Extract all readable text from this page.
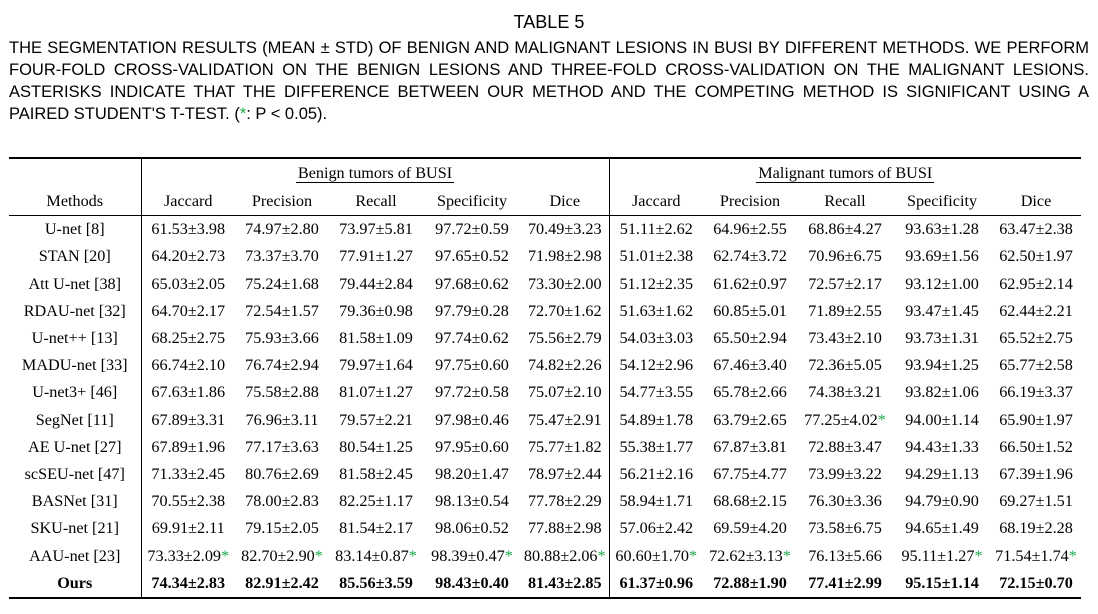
TABLE 5
THE SEGMENTATION RESULTS (MEAN ± STD) OF BENIGN AND MALIGNANT LESIONS IN BUSI BY DIFFERENT METHODS. WE PERFORM FOUR-FOLD CROSS-VALIDATION ON THE BENIGN LESIONS AND THREE-FOLD CROSS-VALIDATION ON THE MALIGNANT LESIONS. ASTERISKS INDICATE THAT THE DIFFERENCE BETWEEN OUR METHOD AND THE COMPETING METHOD IS SIGNIFICANT USING A PAIRED STUDENT'S T-TEST. (*: P < 0.05).
	Benign tumors of BUSI					Malignant tumors of BUSI				
Methods	Jaccard	Precision	Recall	Specificity	Dice	Jaccard	Precision	Recall	Specificity	Dice
U-net [8]	61.53±3.98	74.97±2.80	73.97±5.81	97.72±0.59	70.49±3.23	51.11±2.62	64.96±2.55	68.86±4.27	93.63±1.28	63.47±2.38
STAN [20]	64.20±2.73	73.37±3.70	77.91±1.27	97.65±0.52	71.98±2.98	51.01±2.38	62.74±3.72	70.96±6.75	93.69±1.56	62.50±1.97
Att U-net [38]	65.03±2.05	75.24±1.68	79.44±2.84	97.68±0.62	73.30±2.00	51.12±2.35	61.62±0.97	72.57±2.17	93.12±1.00	62.95±2.14
RDAU-net [32]	64.70±2.17	72.54±1.57	79.36±0.98	97.79±0.28	72.70±1.62	51.63±1.62	60.85±5.01	71.89±2.55	93.47±1.45	62.44±2.21
U-net++ [13]	68.25±2.75	75.93±3.66	81.58±1.09	97.74±0.62	75.56±2.79	54.03±3.03	65.50±2.94	73.43±2.10	93.73±1.31	65.52±2.75
MADU-net [33]	66.74±2.10	76.74±2.94	79.97±1.64	97.75±0.60	74.82±2.26	54.12±2.96	67.46±3.40	72.36±5.05	93.94±1.25	65.77±2.58
U-net3+ [46]	67.63±1.86	75.58±2.88	81.07±1.27	97.72±0.58	75.07±2.10	54.77±3.55	65.78±2.66	74.38±3.21	93.82±1.06	66.19±3.37
SegNet [11]	67.89±3.31	76.96±3.11	79.57±2.21	97.98±0.46	75.47±2.91	54.89±1.78	63.79±2.65	77.25±4.02*	94.00±1.14	65.90±1.97
AE U-net [27]	67.89±1.96	77.17±3.63	80.54±1.25	97.95±0.60	75.77±1.82	55.38±1.77	67.87±3.81	72.88±3.47	94.43±1.33	66.50±1.52
scSEU-net [47]	71.33±2.45	80.76±2.69	81.58±2.45	98.20±1.47	78.97±2.44	56.21±2.16	67.75±4.77	73.99±3.22	94.29±1.13	67.39±1.96
BASNet [31]	70.55±2.38	78.00±2.83	82.25±1.17	98.13±0.54	77.78±2.29	58.94±1.71	68.68±2.15	76.30±3.36	94.79±0.90	69.27±1.51
SKU-net [21]	69.91±2.11	79.15±2.05	81.54±2.17	98.06±0.52	77.88±2.98	57.06±2.42	69.59±4.20	73.58±6.75	94.65±1.49	68.19±2.28
AAU-net [23]	73.33±2.09*	82.70±2.90*	83.14±0.87*	98.39±0.47*	80.88±2.06*	60.60±1.70*	72.62±3.13*	76.13±5.66	95.11±1.27*	71.54±1.74*
Ours	74.34±2.83	82.91±2.42	85.56±3.59	98.43±0.40	81.43±2.85	61.37±0.96	72.88±1.90	77.41±2.99	95.15±1.14	72.15±0.70
